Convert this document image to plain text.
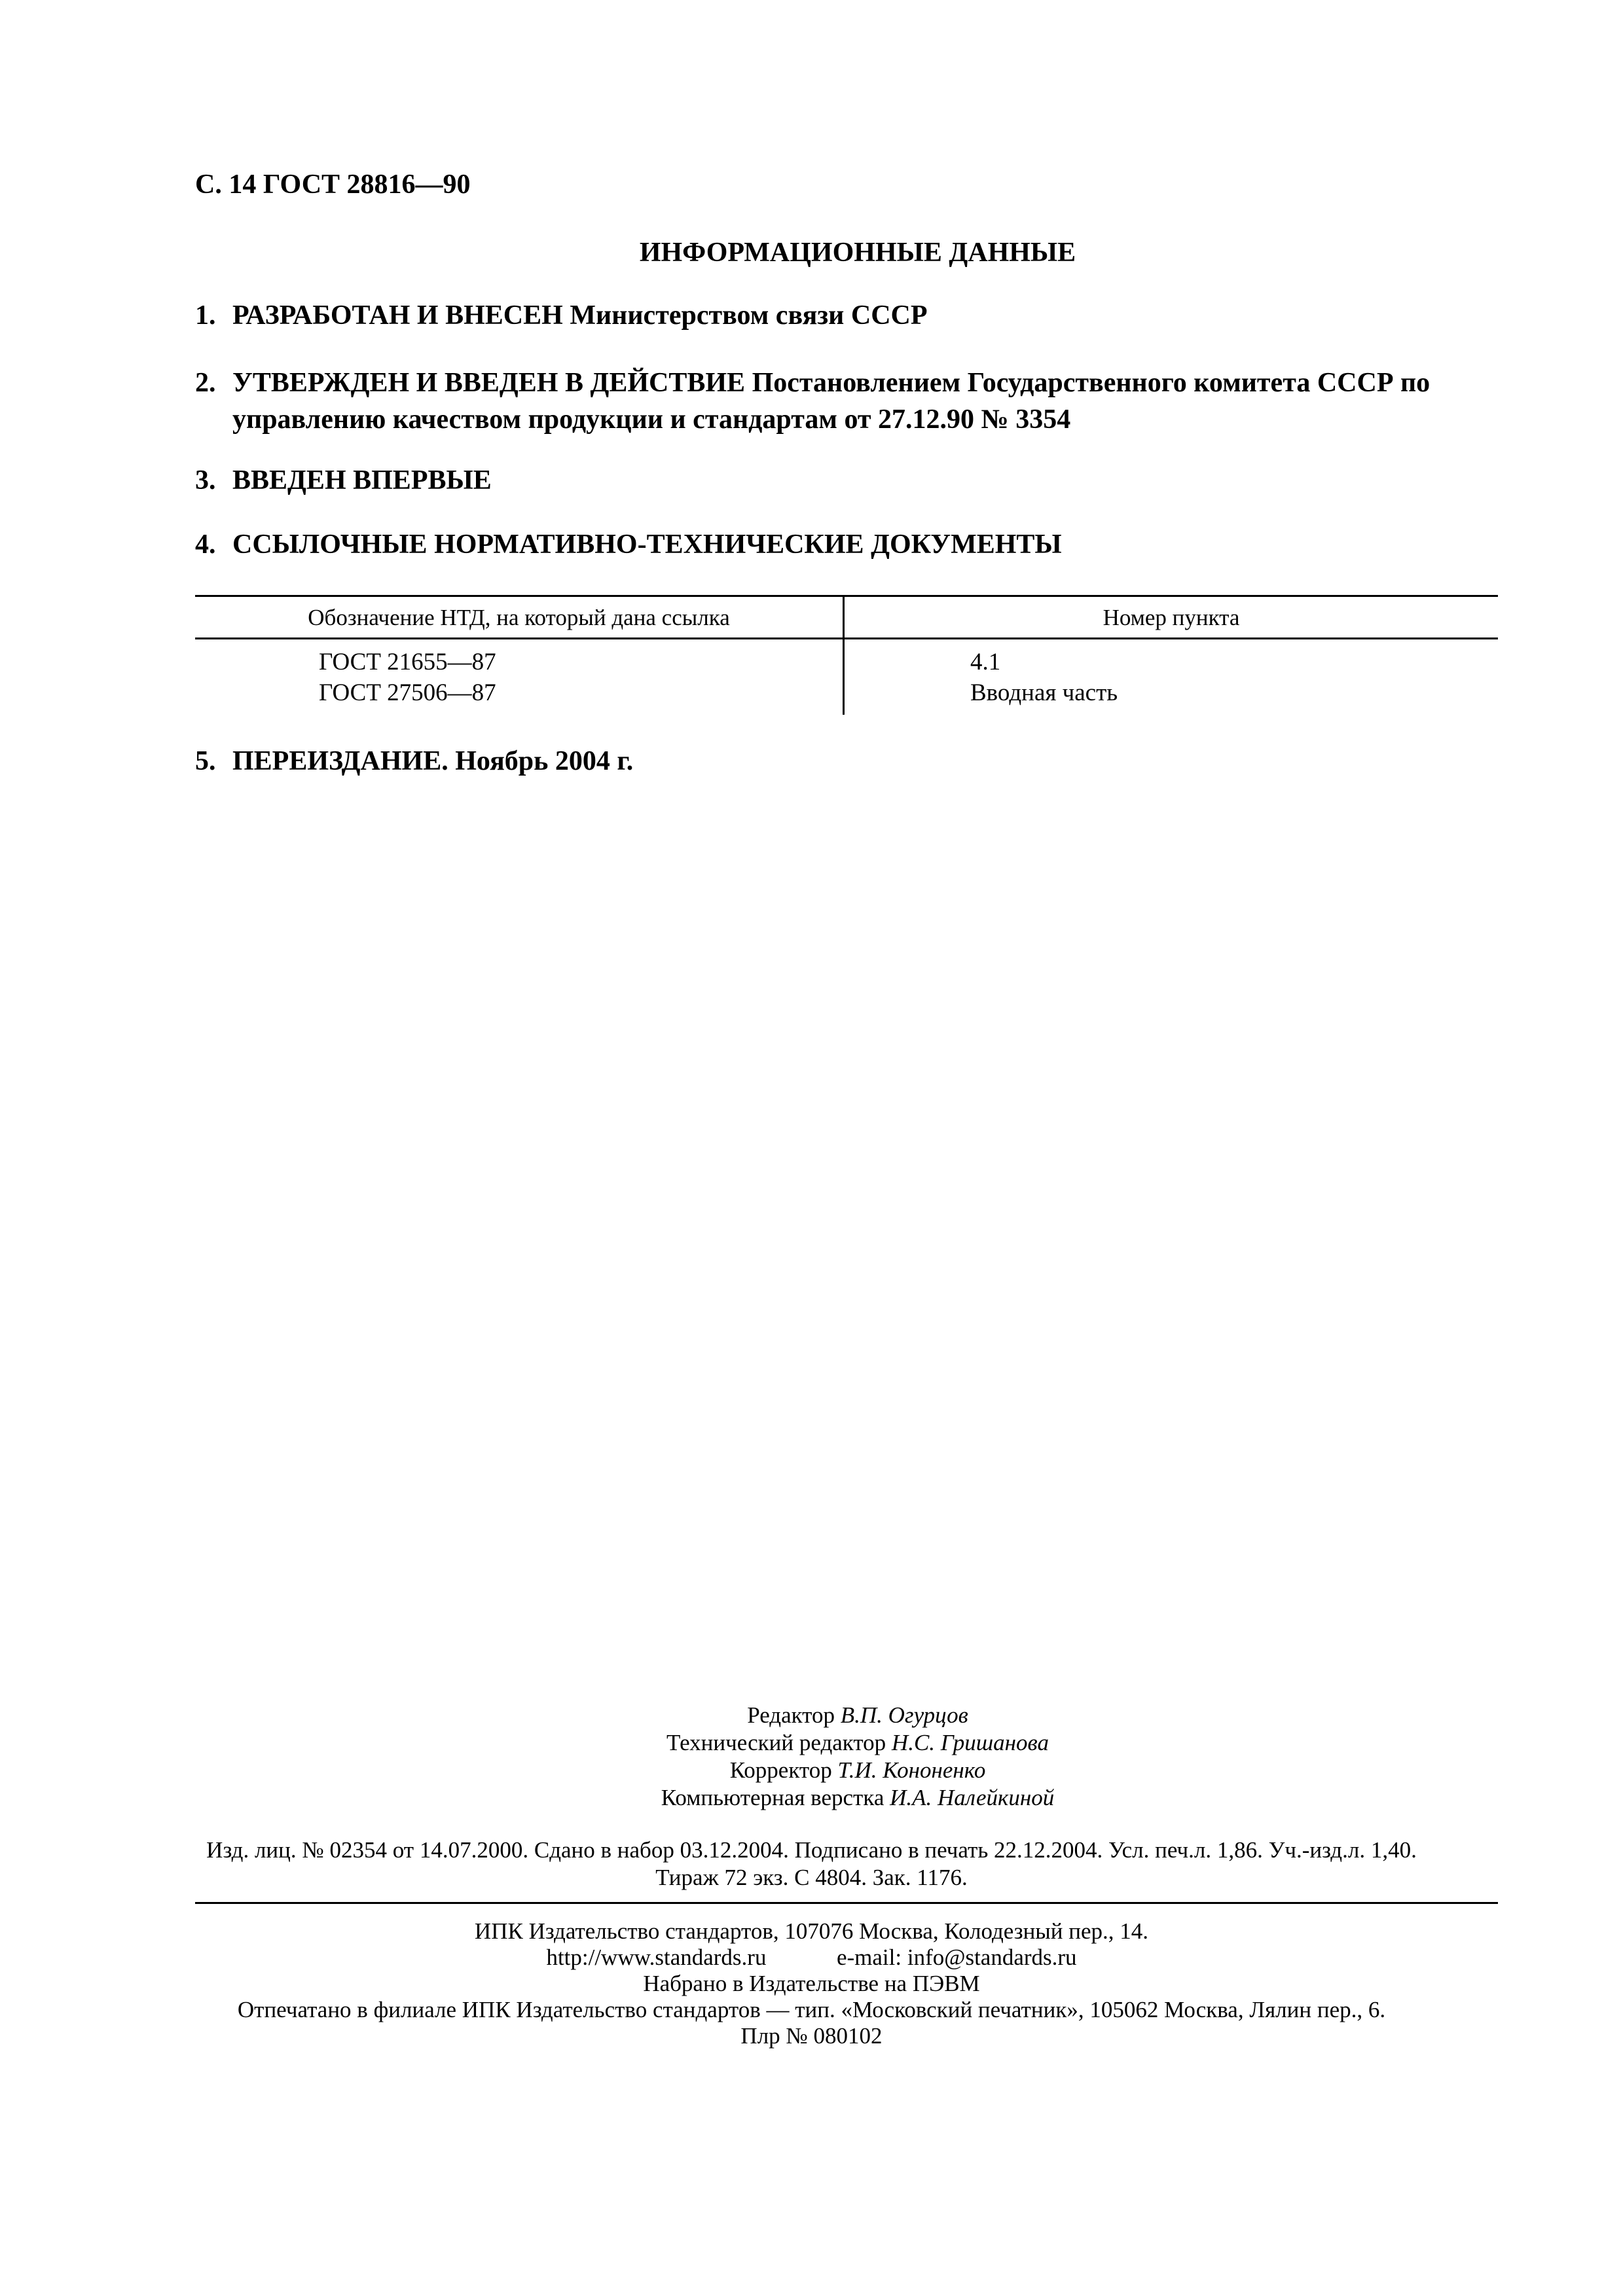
С. 14 ГОСТ 28816—90
ИНФОРМАЦИОННЫЕ ДАННЫЕ
1. РАЗРАБОТАН И ВНЕСЕН Министерством связи СССР
2. УТВЕРЖДЕН И ВВЕДЕН В ДЕЙСТВИЕ Постановлением Государственного комитета СССР по управлению качеством продукции и стандартам от 27.12.90 № 3354
3. ВВЕДЕН ВПЕРВЫЕ
4. ССЫЛОЧНЫЕ НОРМАТИВНО-ТЕХНИЧЕСКИЕ ДОКУМЕНТЫ
Обозначение НТД, на который дана ссылка	Номер пункта
ГОСТ 21655—87
ГОСТ 27506—87
4.1
Вводная часть
5. ПЕРЕИЗДАНИЕ. Ноябрь 2004 г.
Редактор В.П. Огурцов
Технический редактор Н.С. Гришанова
Корректор Т.И. Кононенко
Компьютерная верстка И.А. Налейкиной
Изд. лиц. № 02354 от 14.07.2000. Сдано в набор 03.12.2004. Подписано в печать 22.12.2004. Усл. печ.л. 1,86. Уч.-изд.л. 1,40.
Тираж 72 экз. С 4804. Зак. 1176.
ИПК Издательство стандартов, 107076 Москва, Колодезный пер., 14.
http://www.standards.ru	e-mail: info@standards.ru
Набрано в Издательстве на ПЭВМ
Отпечатано в филиале ИПК Издательство стандартов — тип. «Московский печатник», 105062 Москва, Лялин пер., 6.
Плр № 080102
